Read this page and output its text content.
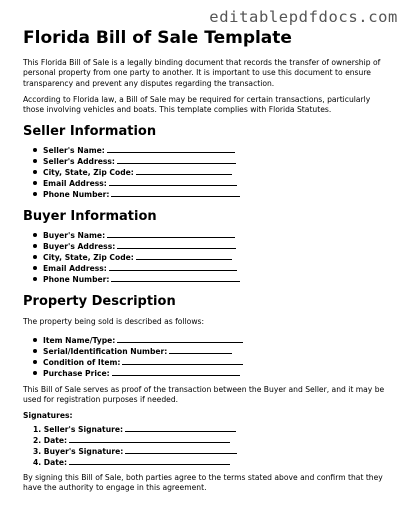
editablepdfdocs.com
Florida Bill of Sale Template

This Florida Bill of Sale is a legally binding document that records the transfer of ownership of personal property from one party to another. It is important to use this document to ensure transparency and prevent any disputes regarding the transaction.

According to Florida law, a Bill of Sale may be required for certain transactions, particularly those involving vehicles and boats. This template complies with Florida Statutes.

Seller Information
Seller's Name:
Seller's Address:
City, State, Zip Code:
Email Address:
Phone Number:
Buyer Information
Buyer's Name:
Buyer's Address:
City, State, Zip Code:
Email Address:
Phone Number:
Property Description

The property being sold is described as follows:

Item Name/Type:
Serial/Identification Number:
Condition of Item:
Purchase Price:

This Bill of Sale serves as proof of the transaction between the Buyer and Seller, and it may be used for registration purposes if needed.

Signatures:
1. Seller's Signature:
2. Date:
3. Buyer's Signature:
4. Date:

By signing this Bill of Sale, both parties agree to the terms stated above and confirm that they have the authority to engage in this agreement.
